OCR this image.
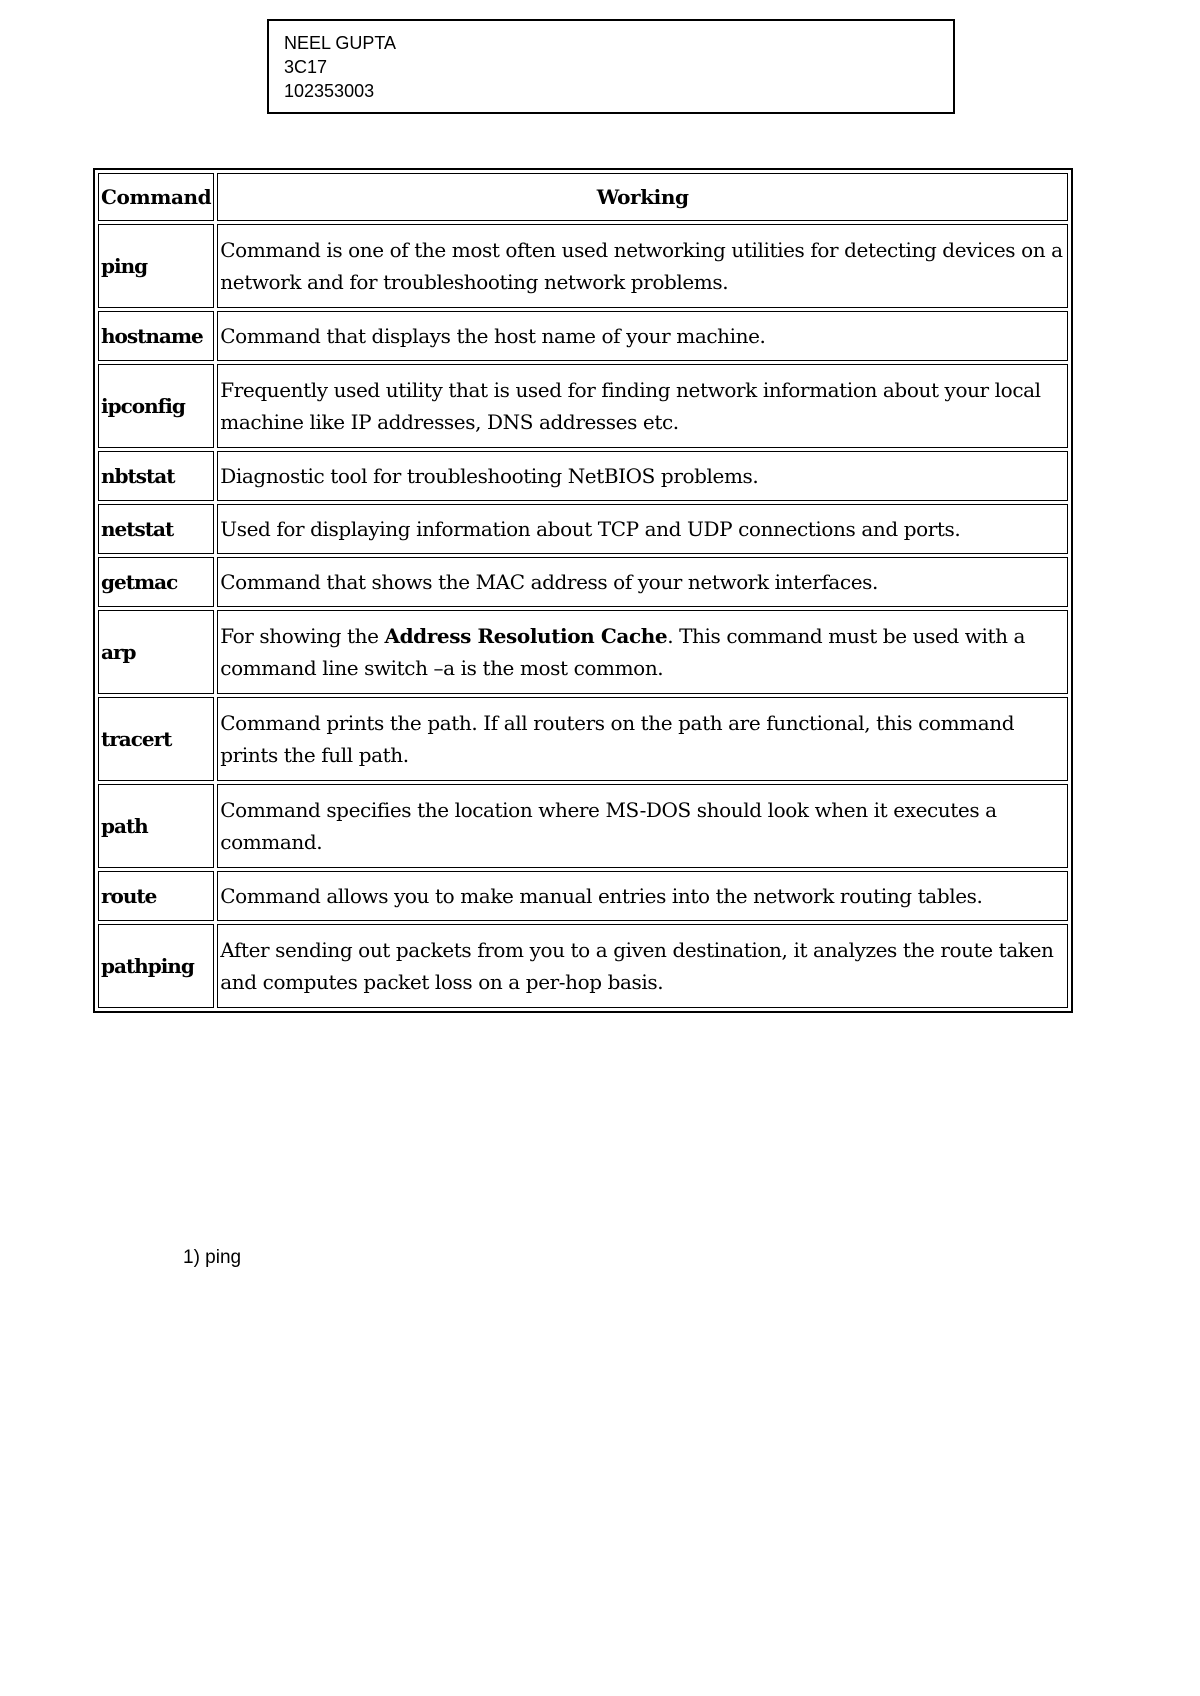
NEEL GUPTA
3C17
102353003
Command	Working
ping	Command is one of the most often used networking utilities for detecting devices on a network and for troubleshooting network problems.
hostname	Command that displays the host name of your machine.
ipconfig	Frequently used utility that is used for finding network information about your local machine like IP addresses, DNS addresses etc.
nbtstat	Diagnostic tool for troubleshooting NetBIOS problems.
netstat	Used for displaying information about TCP and UDP connections and ports.
getmac	Command that shows the MAC address of your network interfaces.
arp	For showing the Address Resolution Cache. This command must be used with a command line switch –a is the most common.
tracert	Command prints the path. If all routers on the path are functional, this command prints the full path.
path	Command specifies the location where MS-DOS should look when it executes a command.
route	Command allows you to make manual entries into the network routing tables.
pathping	After sending out packets from you to a given destination, it analyzes the route taken and computes packet loss on a per-hop basis.
1) ping
